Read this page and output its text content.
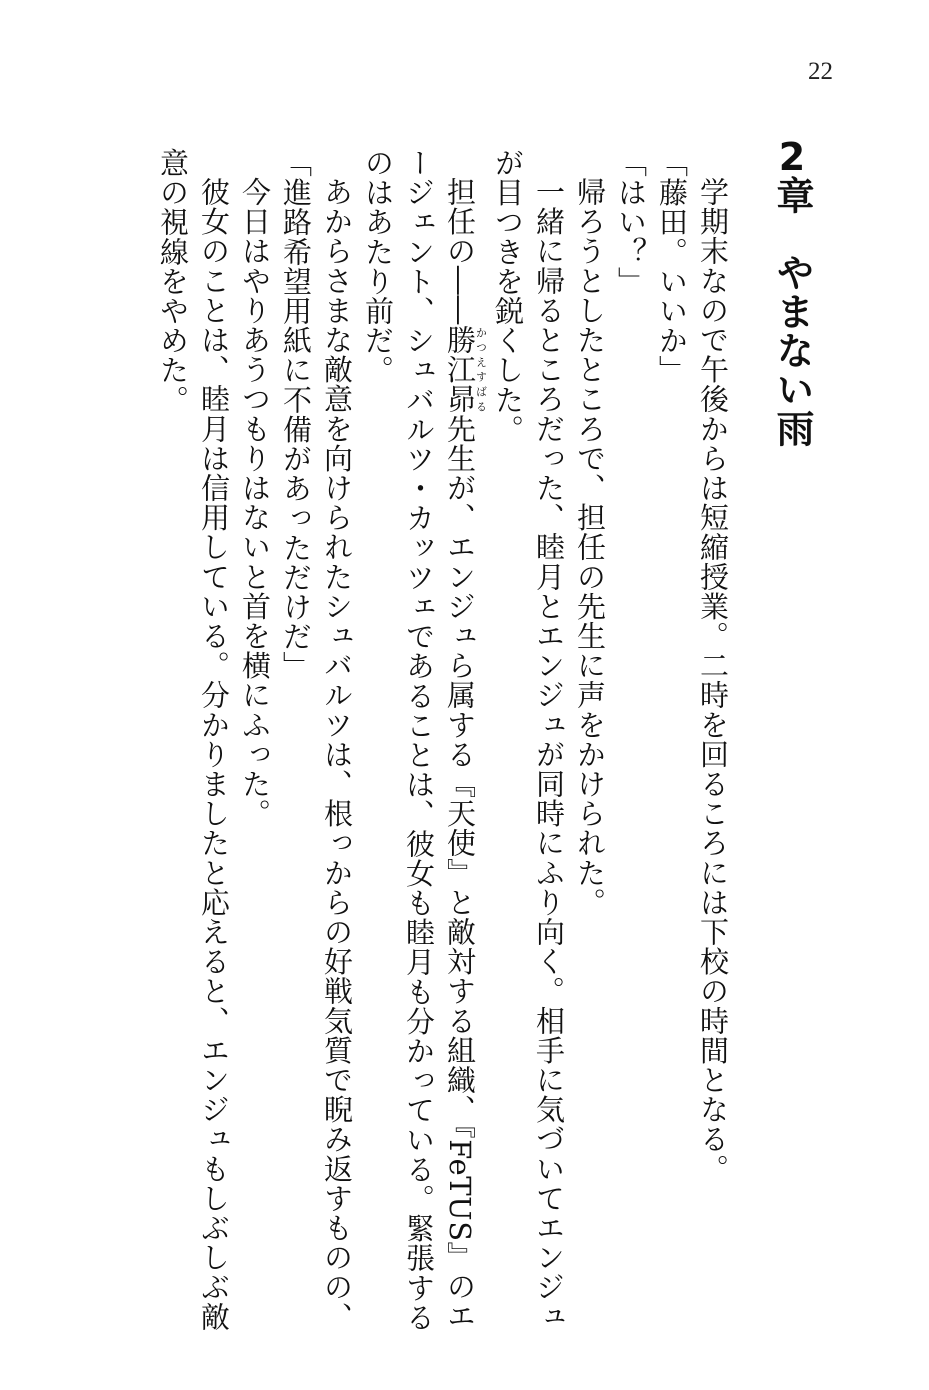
22
2章やまない雨

学期末なので午後からは短縮授業。二時を回るころには下校の時間となる。

「藤田。いいか」

「はい？」

帰ろうとしたところで、担任の先生に声をかけられた。

一緒に帰るところだった、睦月とエンジュが同時にふり向く。相手に気づいてエンジュが目つきを鋭くした。

担任の――勝江昴かつえすばる先生が、エンジュら属する『天使』と敵対する組織、『FeTUS』のエージェント、シュバルツ・カッツェであることは、彼女も睦月も分かっている。緊張するのはあたり前だ。

あからさまな敵意を向けられたシュバルツは、根っからの好戦気質で睨み返すものの、

「進路希望用紙に不備があっただけだ」

今日はやりあうつもりはないと首を横にふった。

彼女のことは、睦月は信用している。分かりましたと応えると、エンジュもしぶしぶ敵意の視線をやめた。
